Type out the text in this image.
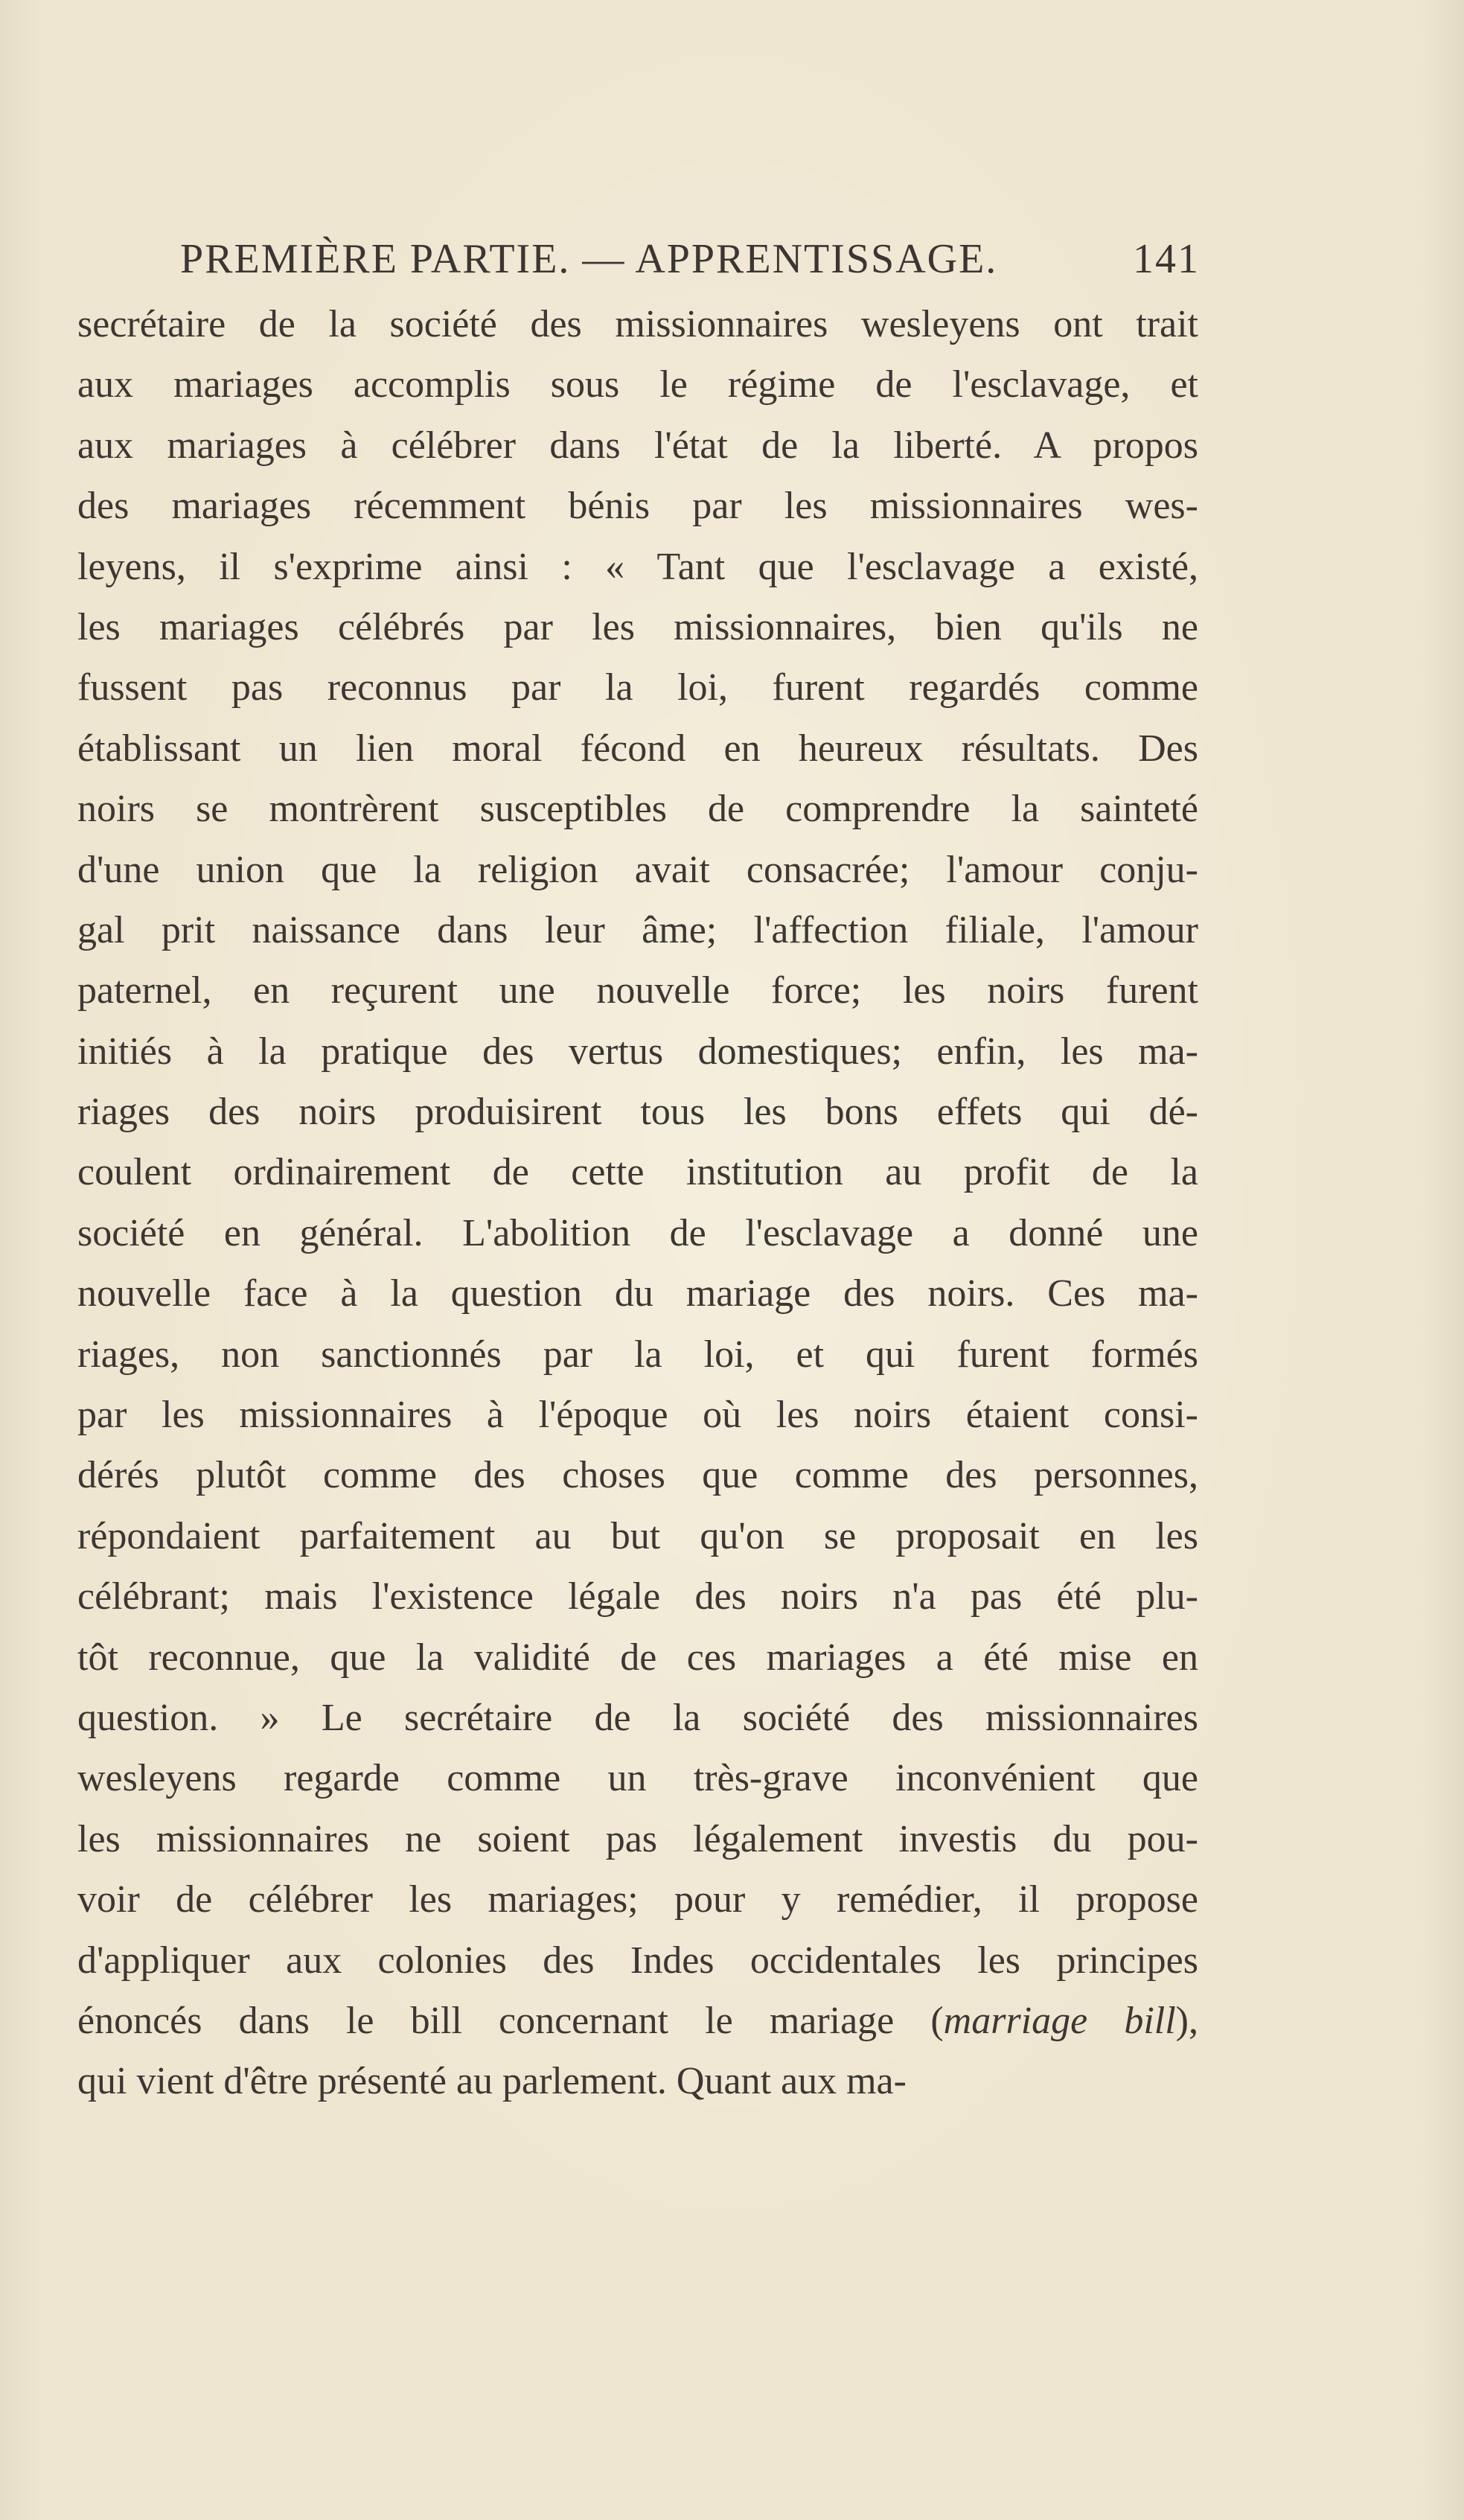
PREMIÈRE PARTIE. — APPRENTISSAGE.	141
secrétaire de la société des missionnaires wesleyens ont trait
aux mariages accomplis sous le régime de l'esclavage, et
aux mariages à célébrer dans l'état de la liberté. A propos
des mariages récemment bénis par les missionnaires wes-
leyens, il s'exprime ainsi : « Tant que l'esclavage a existé,
les mariages célébrés par les missionnaires, bien qu'ils ne
fussent pas reconnus par la loi, furent regardés comme
établissant un lien moral fécond en heureux résultats. Des
noirs se montrèrent susceptibles de comprendre la sainteté
d'une union que la religion avait consacrée; l'amour conju-
gal prit naissance dans leur âme; l'affection filiale, l'amour
paternel, en reçurent une nouvelle force; les noirs furent
initiés à la pratique des vertus domestiques; enfin, les ma-
riages des noirs produisirent tous les bons effets qui dé-
coulent ordinairement de cette institution au profit de la
société en général. L'abolition de l'esclavage a donné une
nouvelle face à la question du mariage des noirs. Ces ma-
riages, non sanctionnés par la loi, et qui furent formés
par les missionnaires à l'époque où les noirs étaient consi-
dérés plutôt comme des choses que comme des personnes,
répondaient parfaitement au but qu'on se proposait en les
célébrant; mais l'existence légale des noirs n'a pas été plu-
tôt reconnue, que la validité de ces mariages a été mise en
question. » Le secrétaire de la société des missionnaires
wesleyens regarde comme un très-grave inconvénient que
les missionnaires ne soient pas légalement investis du pou-
voir de célébrer les mariages; pour y remédier, il propose
d'appliquer aux colonies des Indes occidentales les principes
énoncés dans le bill concernant le mariage (marriage bill),
qui vient d'être présenté au parlement. Quant aux ma-
